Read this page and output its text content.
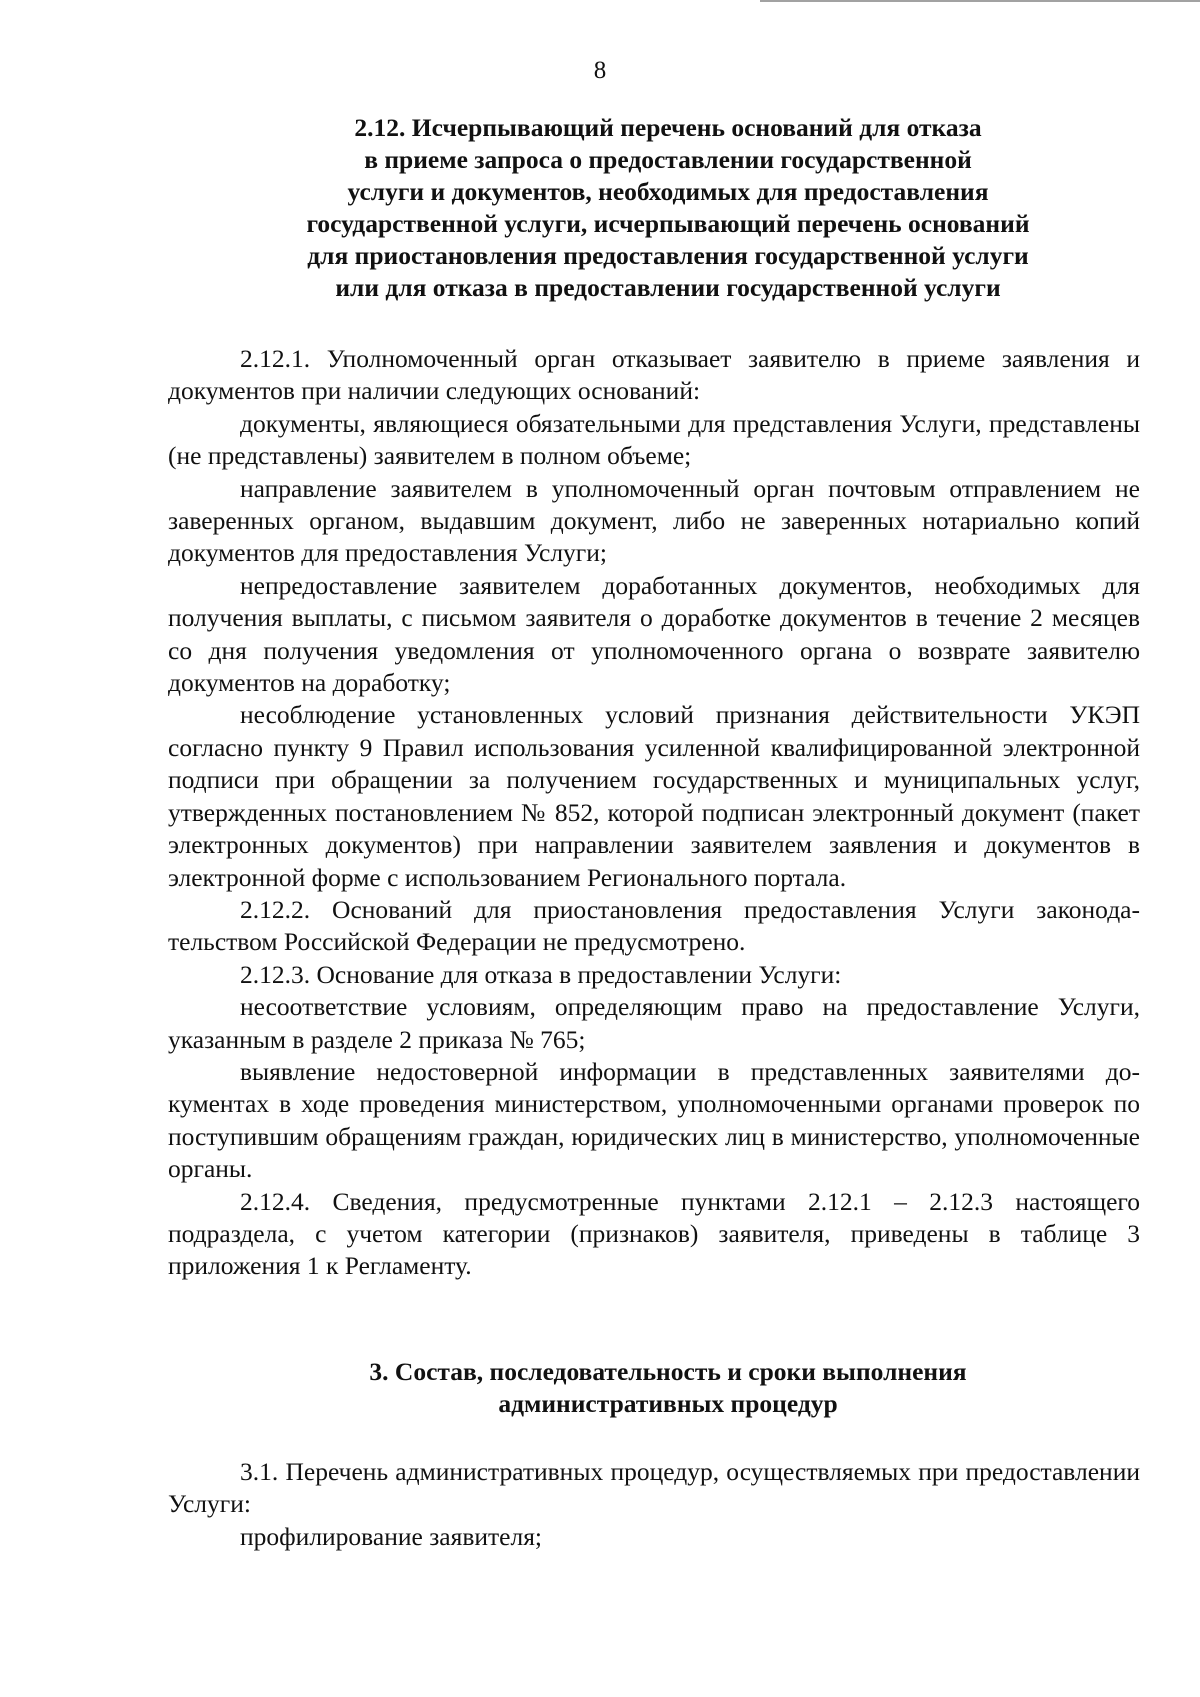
8
2.12. Исчерпывающий перечень оснований для отказа
в приеме запроса о предоставлении государственной
услуги и документов, необходимых для предоставления
государственной услуги, исчерпывающий перечень оснований
для приостановления предоставления государственной услуги
или для отказа в предоставлении государственной услуги

2.12.1. Уполномоченный орган отказывает заявителю в приеме заявления и документов при наличии следующих оснований:

документы, являющиеся обязательными для представления Услуги, представлены (не представлены) заявителем в полном объеме;

направление заявителем в уполномоченный орган почтовым отправлением не заверенных органом, выдавшим документ, либо не заверенных нотариально копий документов для предоставления Услуги;

непредоставление заявителем доработанных документов, необходимых для получения выплаты, с письмом заявителя о доработке документов в течение 2 месяцев со дня получения уведомления от уполномоченного органа о возврате заявителю документов на доработку;

несоблюдение установленных условий признания действительности УКЭП согласно пункту 9 Правил использования усиленной квалифицированной электронной подписи при обращении за получением государственных и муниципальных услуг, утвержденных постановлением № 852, которой подписан электронный документ (пакет электронных документов) при направлении заявителем заявления и документов в электронной форме с использованием Регионального портала.

2.12.2. Оснований для приостановления предоставления Услуги законодательством Российской Федерации не предусмотрено.

2.12.3. Основание для отказа в предоставлении Услуги:

несоответствие условиям, определяющим право на предоставление Услуги, указанным в разделе 2 приказа № 765;

выявление недостоверной информации в представленных заявителями документах в ходе проведения министерством, уполномоченными органами проверок по поступившим обращениям граждан, юридических лиц в министерство, уполномоченные органы.

2.12.4. Сведения, предусмотренные пунктами 2.12.1 – 2.12.3 настоящего подраздела, с учетом категории (признаков) заявителя, приведены в таблице 3 приложения 1 к Регламенту.

3. Состав, последовательность и сроки выполнения
административных процедур

3.1. Перечень административных процедур, осуществляемых при предоставлении Услуги:

профилирование заявителя;
